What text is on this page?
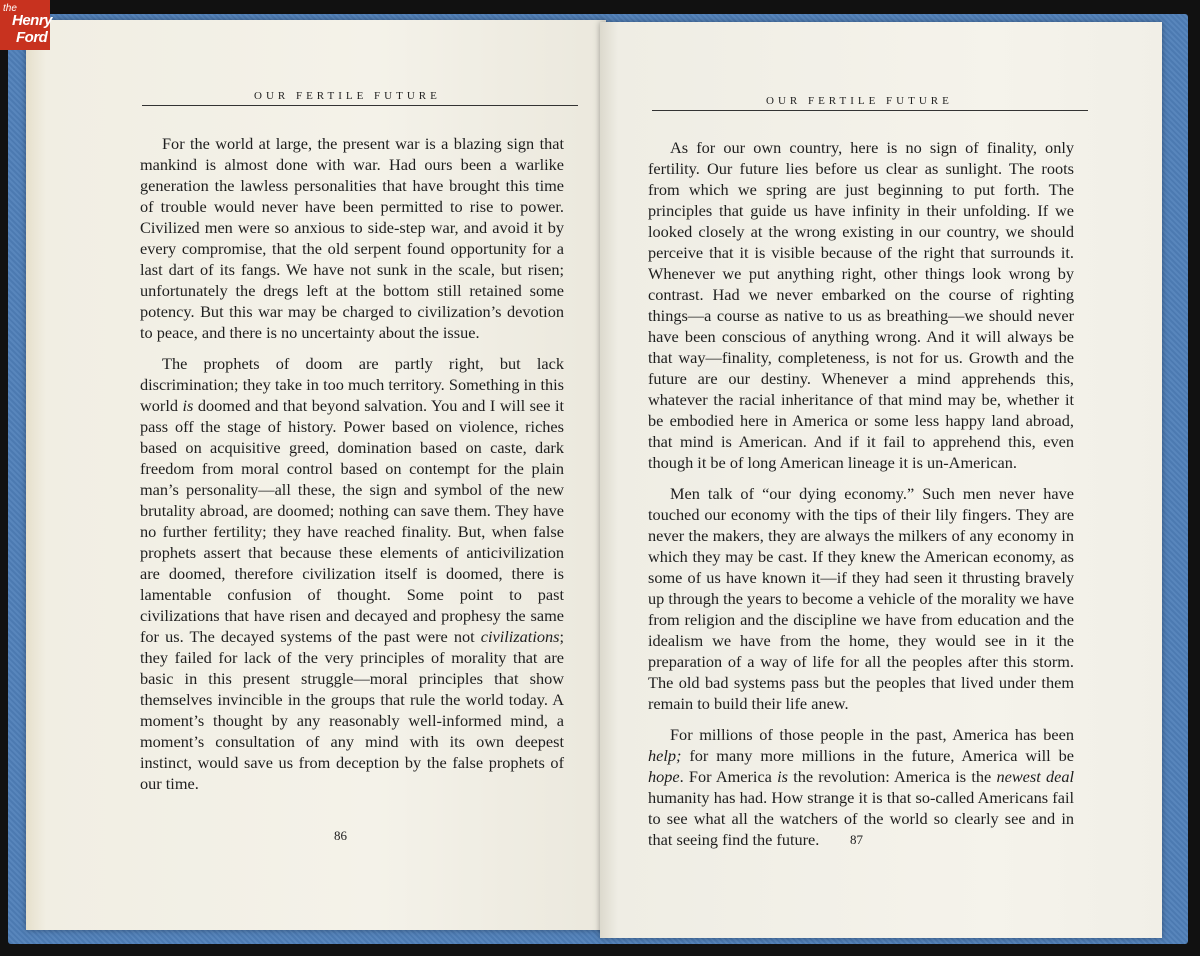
the
Henry
Ford
OUR FERTILE FUTURE

For the world at large, the present war is a blazing sign that mankind is almost done with war. Had ours been a warlike generation the lawless personalities that have brought this time of trouble would never have been permitted to rise to power. Civilized men were so anxious to side-step war, and avoid it by every compromise, that the old serpent found opportunity for a last dart of its fangs. We have not sunk in the scale, but risen; unfortunately the dregs left at the bottom still retained some potency. But this war may be charged to civilization’s devotion to peace, and there is no uncertainty about the issue.

The prophets of doom are partly right, but lack discrimination; they take in too much territory. Something in this world is doomed and that beyond salvation. You and I will see it pass off the stage of history. Power based on violence, riches based on acquisitive greed, domination based on caste, dark freedom from moral control based on contempt for the plain man’s personality—all these, the sign and symbol of the new brutality abroad, are doomed; nothing can save them. They have no further fertility; they have reached finality. But, when false prophets assert that because these elements of anticivilization are doomed, therefore civilization itself is doomed, there is lamentable confusion of thought. Some point to past civilizations that have risen and decayed and prophesy the same for us. The decayed systems of the past were not civilizations; they failed for lack of the very principles of morality that are basic in this present struggle—moral principles that show themselves invincible in the groups that rule the world today. A moment’s thought by any reasonably well-informed mind, a moment’s consultation of any mind with its own deepest instinct, would save us from deception by the false prophets of our time.

86
OUR FERTILE FUTURE

As for our own country, here is no sign of finality, only fertility. Our future lies before us clear as sunlight. The roots from which we spring are just beginning to put forth. The principles that guide us have infinity in their unfolding. If we looked closely at the wrong existing in our country, we should perceive that it is visible because of the right that surrounds it. Whenever we put anything right, other things look wrong by contrast. Had we never embarked on the course of righting things—a course as native to us as breathing—we should never have been conscious of anything wrong. And it will always be that way—finality, completeness, is not for us. Growth and the future are our destiny. Whenever a mind apprehends this, whatever the racial inheritance of that mind may be, whether it be embodied here in America or some less happy land abroad, that mind is American. And if it fail to apprehend this, even though it be of long American lineage it is un-American.

Men talk of “our dying economy.” Such men never have touched our economy with the tips of their lily fingers. They are never the makers, they are always the milkers of any economy in which they may be cast. If they knew the American economy, as some of us have known it—if they had seen it thrusting bravely up through the years to become a vehicle of the morality we have from religion and the discipline we have from education and the idealism we have from the home, they would see in it the preparation of a way of life for all the peoples after this storm. The old bad systems pass but the peoples that lived under them remain to build their life anew.

For millions of those people in the past, America has been help; for many more millions in the future, America will be hope. For America is the revolution: America is the newest deal humanity has had. How strange it is that so-called Americans fail to see what all the watchers of the world so clearly see and in that seeing find the future.	87
